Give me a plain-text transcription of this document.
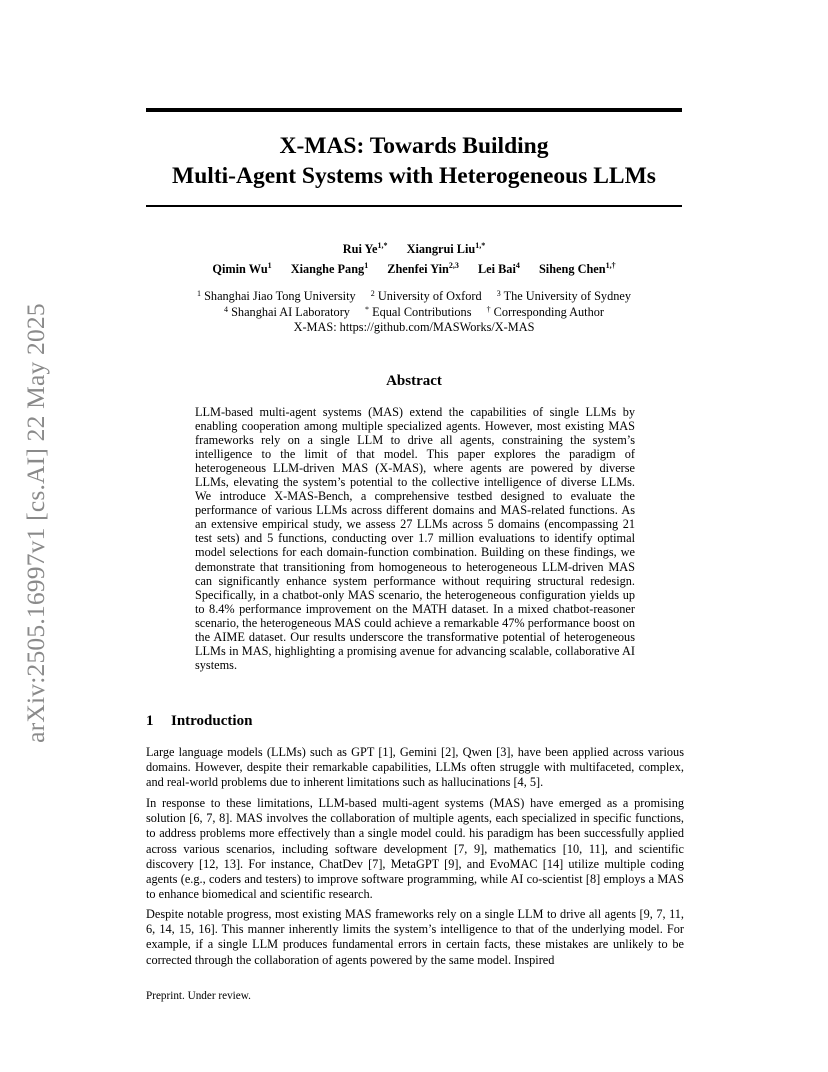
arXiv:2505.16997v1 [cs.AI] 22 May 2025
X-MAS: Towards Building
Multi-Agent Systems with Heterogeneous LLMs
Rui $Ye^{1,*}$ Xiangrui Liu$^{1,*}$
Qimin Wu$^1$ Xianghe Pang$^1$ Zhenfei Yin$^{2,3}$ Lei Bai$^4$ Siheng Chen$^{1,\dagger}$
$^1$ Shanghai Jiao Tong University $^2$ University of Oxford $^3$ The University of Sydney
$^4$ Shanghai AI Laboratory * Equal Contributions † Corresponding Author
X-MAS: https://github.com/MASWorks/X-MAS
Abstract

LLM-based multi-agent systems (MAS) extend the capabilities of single LLMs by enabling cooperation among multiple specialized agents. However, most existing MAS frameworks rely on a single LLM to drive all agents, constraining the system’s intelligence to the limit of that model. This paper explores the paradigm of heterogeneous LLM-driven MAS (X-MAS), where agents are powered by diverse LLMs, elevating the system’s potential to the collective intelligence of diverse LLMs. We introduce X-MAS-Bench, a comprehensive testbed designed to evaluate the performance of various LLMs across different domains and MAS-related functions. As an extensive empirical study, we assess 27 LLMs across 5 domains (encompassing 21 test sets) and 5 functions, conducting over 1.7 million evaluations to identify optimal model selections for each domain-function combination. Building on these findings, we demonstrate that transitioning from homogeneous to heterogeneous LLM-driven MAS can significantly enhance system performance without requiring structural redesign. Specifically, in a chatbot-only MAS scenario, the heterogeneous configuration yields up to 8.4% performance improvement on the MATH dataset. In a mixed chatbot-reasoner scenario, the heterogeneous MAS could achieve a remarkable 47% performance boost on the AIME dataset. Our results underscore the transformative potential of heterogeneous LLMs in MAS, highlighting a promising avenue for advancing scalable, collaborative AI systems.

1 Introduction

Large language models (LLMs) such as GPT [1], Gemini [2], Qwen [3], have been applied across various domains. However, despite their remarkable capabilities, LLMs often struggle with multifaceted, complex, and real-world problems due to inherent limitations such as hallucinations [4, 5].

In response to these limitations, LLM-based multi-agent systems (MAS) have emerged as a promising solution [6, 7, 8]. MAS involves the collaboration of multiple agents, each specialized in specific functions, to address problems more effectively than a single model could. his paradigm has been successfully applied across various scenarios, including software development [7, 9], mathematics [10, 11], and scientific discovery [12, 13]. For instance, ChatDev [7], MetaGPT [9], and EvoMAC [14] utilize multiple coding agents (e.g., coders and testers) to improve software programming, while AI co-scientist [8] employs a MAS to enhance biomedical and scientific research.

Despite notable progress, most existing MAS frameworks rely on a single LLM to drive all agents [9, 7, 11, 6, 14, 15, 16]. This manner inherently limits the system’s intelligence to that of the underlying model. For example, if a single LLM produces fundamental errors in certain facts, these mistakes are unlikely to be corrected through the collaboration of agents powered by the same model. Inspired

Preprint. Under review.
